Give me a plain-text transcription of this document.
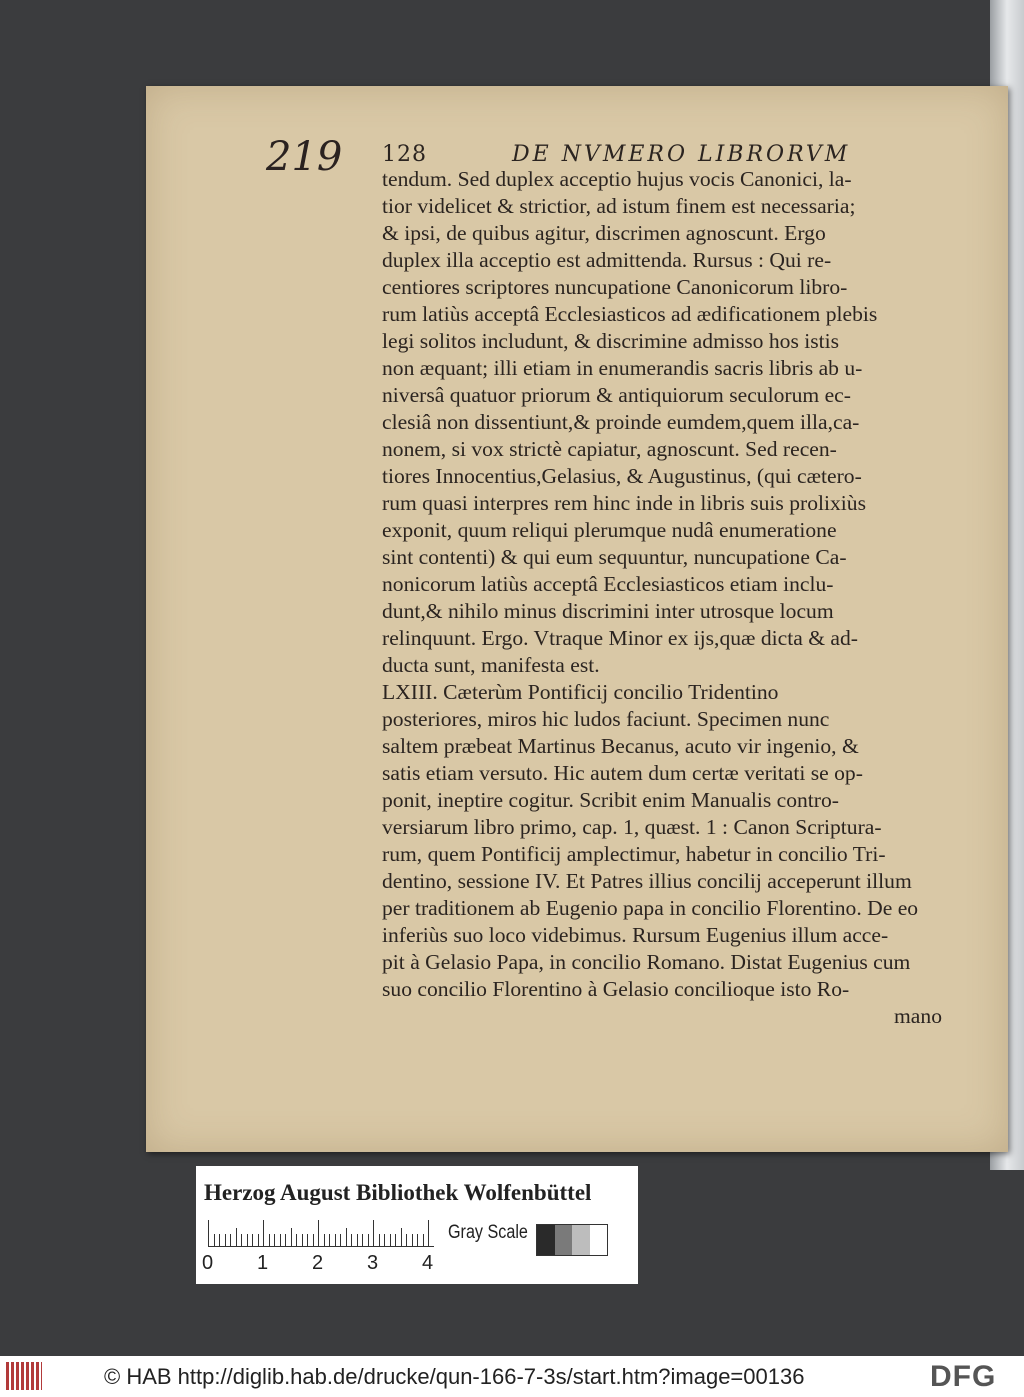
219 128	DE NVMERO LIBRORVM
tendum. Sed duplex acceptio hujus vocis Canonici, la-
tior videlicet & strictior, ad istum finem est necessaria;
& ipsi, de quibus agitur, discrimen agnoscunt. Ergo
duplex illa acceptio est admittenda. Rursus : Qui re-
centiores scriptores nuncupatione Canonicorum libro-
rum latiùs acceptâ Ecclesiasticos ad ædificationem plebis
legi solitos includunt, & discrimine admisso hos istis
non æquant; illi etiam in enumerandis sacris libris ab u-
niversâ quatuor priorum & antiquiorum seculorum ec-
clesiâ non dissentiunt,& proinde eumdem,quem illa,ca-
nonem, si vox strictè capiatur, agnoscunt. Sed recen-
tiores Innocentius,Gelasius, & Augustinus, (qui cætero-
rum quasi interpres rem hinc inde in libris suis prolixiùs
exponit, quum reliqui plerumque nudâ enumeratione
sint contenti) & qui eum sequuntur, nuncupatione Ca-
nonicorum latiùs acceptâ Ecclesiasticos etiam inclu-
dunt,& nihilo minus discrimini inter utrosque locum
relinquunt. Ergo. Vtraque Minor ex ijs,quæ dicta & ad-
ducta sunt, manifesta est.
LXIII. Cæterùm Pontificij concilio Tridentino
posteriores, miros hic ludos faciunt. Specimen nunc
saltem præbeat Martinus Becanus, acuto vir ingenio, &
satis etiam versuto. Hic autem dum certæ veritati se op-
ponit, ineptire cogitur. Scribit enim Manualis contro-
versiarum libro primo, cap. 1, quæst. 1 : Canon Scriptura-
rum, quem Pontificij amplectimur, habetur in concilio Tri-
dentino, sessione IV. Et Patres illius concilij acceperunt illum
per traditionem ab Eugenio papa in concilio Florentino. De eo
inferiùs suo loco videbimus. Rursum Eugenius illum acce-
pit à Gelasio Papa, in concilio Romano. Distat Eugenius cum
suo concilio Florentino à Gelasio concilioque isto Ro-
mano
Herzog August Bibliothek Wolfenbüttel
0 1 2 3 4
Gray Scale
© HAB http://diglib.hab.de/drucke/qun-166-7-3s/start.htm?image=00136	DFG
